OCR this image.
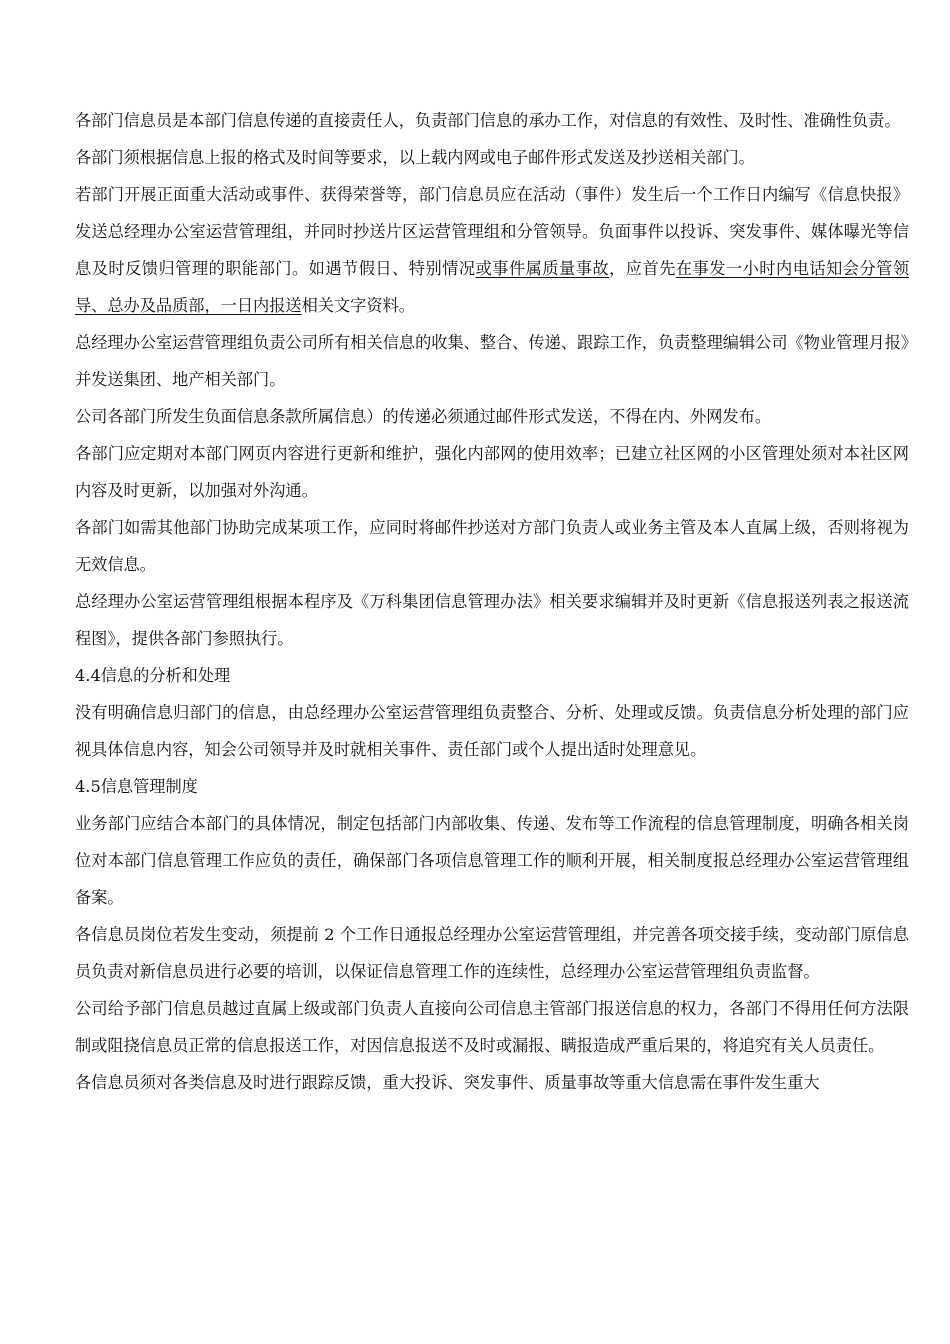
各部门信息员是本部门信息传递的直接责任人，负责部门信息的承办工作，对信息的有效性、及时性、准确性负责。

各部门须根据信息上报的格式及时间等要求，以上载内网或电子邮件形式发送及抄送相关部门。

若部门开展正面重大活动或事件、获得荣誉等，部门信息员应在活动（事件）发生后一个工作日内编写《信息快报》发送总经理办公室运营管理组，并同时抄送片区运营管理组和分管领导。负面事件以投诉、突发事件、媒体曝光等信息及时反馈归管理的职能部门。如遇节假日、特别情况或事件属质量事故，应首先在事发一小时内电话知会分管领导、总办及品质部，一日内报送相关文字资料。

总经理办公室运营管理组负责公司所有相关信息的收集、整合、传递、跟踪工作，负责整理编辑公司《物业管理月报》并发送集团、地产相关部门。

公司各部门所发生负面信息条款所属信息）的传递必须通过邮件形式发送，不得在内、外网发布。

各部门应定期对本部门网页内容进行更新和维护，强化内部网的使用效率；已建立社区网的小区管理处须对本社区网内容及时更新，以加强对外沟通。

各部门如需其他部门协助完成某项工作，应同时将邮件抄送对方部门负责人或业务主管及本人直属上级，否则将视为无效信息。

总经理办公室运营管理组根据本程序及《万科集团信息管理办法》相关要求编辑并及时更新《信息报送列表之报送流程图》，提供各部门参照执行。

4.4信息的分析和处理

没有明确信息归部门的信息，由总经理办公室运营管理组负责整合、分析、处理或反馈。负责信息分析处理的部门应视具体信息内容，知会公司领导并及时就相关事件、责任部门或个人提出适时处理意见。

4.5信息管理制度

业务部门应结合本部门的具体情况，制定包括部门内部收集、传递、发布等工作流程的信息管理制度，明确各相关岗位对本部门信息管理工作应负的责任，确保部门各项信息管理工作的顺利开展，相关制度报总经理办公室运营管理组备案。

各信息员岗位若发生变动，须提前 2 个工作日通报总经理办公室运营管理组，并完善各项交接手续，变动部门原信息员负责对新信息员进行必要的培训，以保证信息管理工作的连续性，总经理办公室运营管理组负责监督。

公司给予部门信息员越过直属上级或部门负责人直接向公司信息主管部门报送信息的权力，各部门不得用任何方法限制或阻挠信息员正常的信息报送工作，对因信息报送不及时或漏报、瞒报造成严重后果的，将追究有关人员责任。

各信息员须对各类信息及时进行跟踪反馈，重大投诉、突发事件、质量事故等重大信息需在事件发生重大
